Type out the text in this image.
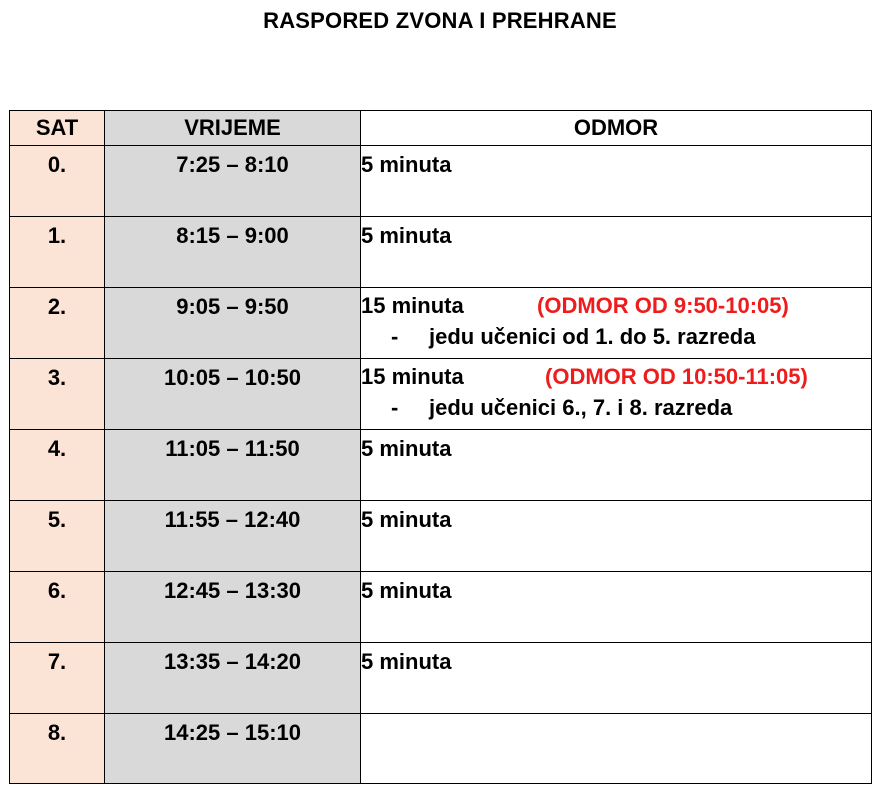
RASPORED ZVONA I PREHRANE
SAT	VRIJEME	ODMOR

0.	7:25 – 8:10	5 minuta

1.	8:15 – 9:00	5 minuta

2.	9:05 – 9:50	15 minuta (ODMOR OD 9:50-10:05)
- jedu učenici od 1. do 5. razreda

3.	10:05 – 10:50	15 minuta (ODMOR OD 10:50-11:05)
- jedu učenici 6., 7. i 8. razreda

4.	11:05 – 11:50	5 minuta

5.	11:55 – 12:40	5 minuta

6.	12:45 – 13:30	5 minuta

7.	13:35 – 14:20	5 minuta

8.	14:25 – 15:10	
